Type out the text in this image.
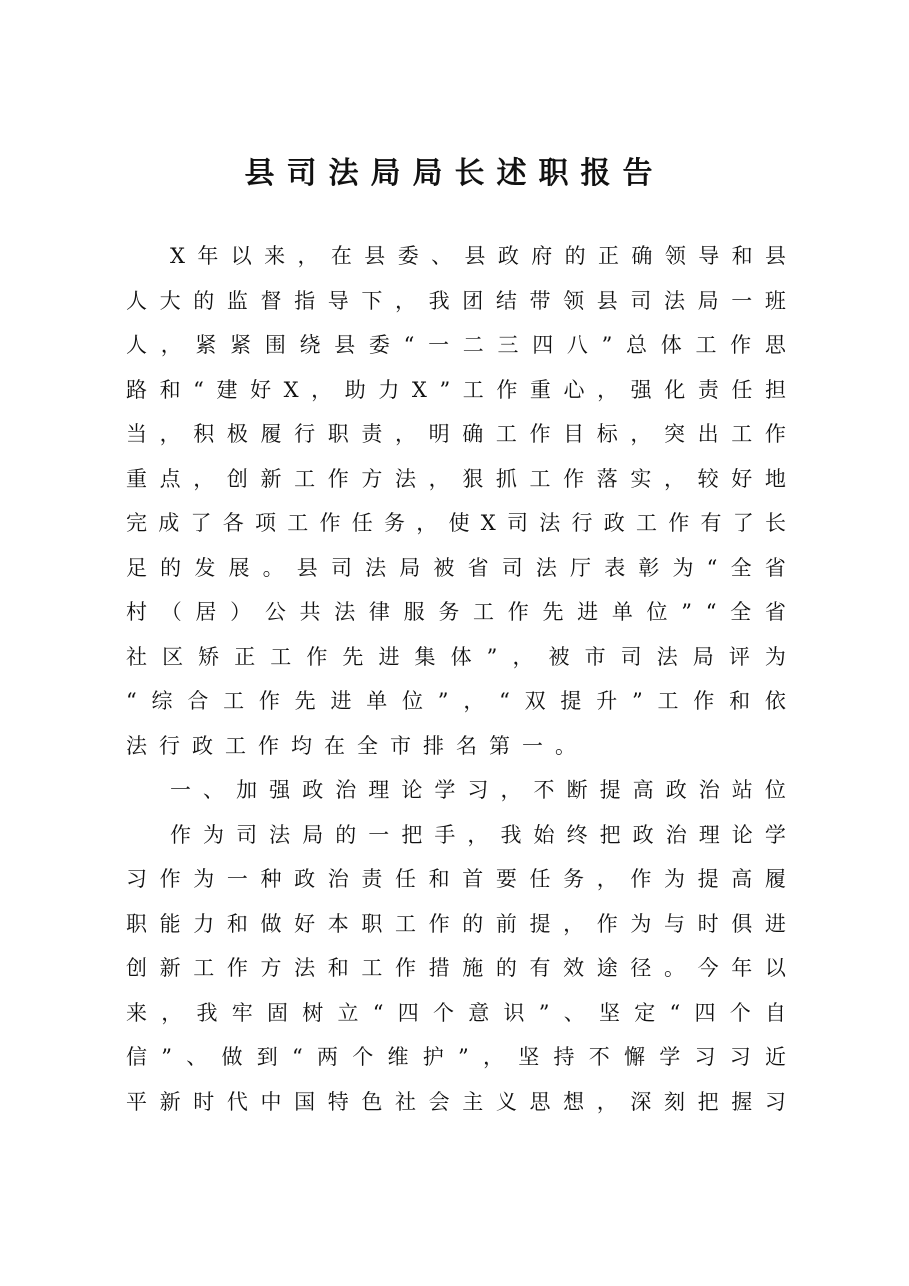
县司法局局长述职报告
X 年 以 来 ， 在 县 委 、 县 政 府 的 正 确 领 导 和 县
人 大 的 监 督 指 导 下 ， 我 团 结 带 领 县 司 法 局 一 班
人 ， 紧 紧 围 绕 县 委 “ 一 二 三 四 八 ” 总 体 工 作 思
路 和 “ 建 好 X ， 助 力 X ” 工 作 重 心 ， 强 化 责 任 担
当 ， 积 极 履 行 职 责 ， 明 确 工 作 目 标 ， 突 出 工 作
重 点 ， 创 新 工 作 方 法 ， 狠 抓 工 作 落 实 ， 较 好 地
完 成 了 各 项 工 作 任 务 ， 使 X 司 法 行 政 工 作 有 了 长
足 的 发 展 。 县 司 法 局 被 省 司 法 厅 表 彰 为 “ 全 省
村 （ 居 ） 公 共 法 律 服 务 工 作 先 进 单 位 ” “ 全 省
社 区 矫 正 工 作 先 进 集 体 ” ， 被 市 司 法 局 评 为
“ 综 合 工 作 先 进 单 位 ” ， “ 双 提 升 ” 工 作 和 依
法行政工作均在全市排名第一。
一 、 加 强 政 治 理 论 学 习 ， 不 断 提 高 政 治 站 位
作 为 司 法 局 的 一 把 手 ， 我 始 终 把 政 治 理 论 学
习 作 为 一 种 政 治 责 任 和 首 要 任 务 ， 作 为 提 高 履
职 能 力 和 做 好 本 职 工 作 的 前 提 ， 作 为 与 时 俱 进
创 新 工 作 方 法 和 工 作 措 施 的 有 效 途 径 。 今 年 以
来 ， 我 牢 固 树 立 “ 四 个 意 识 ” 、 坚 定 “ 四 个 自
信 ” 、 做 到 “ 两 个 维 护 ” ， 坚 持 不 懈 学 习 习 近
平 新 时 代 中 国 特 色 社 会 主 义 思 想 ， 深 刻 把 握 习
